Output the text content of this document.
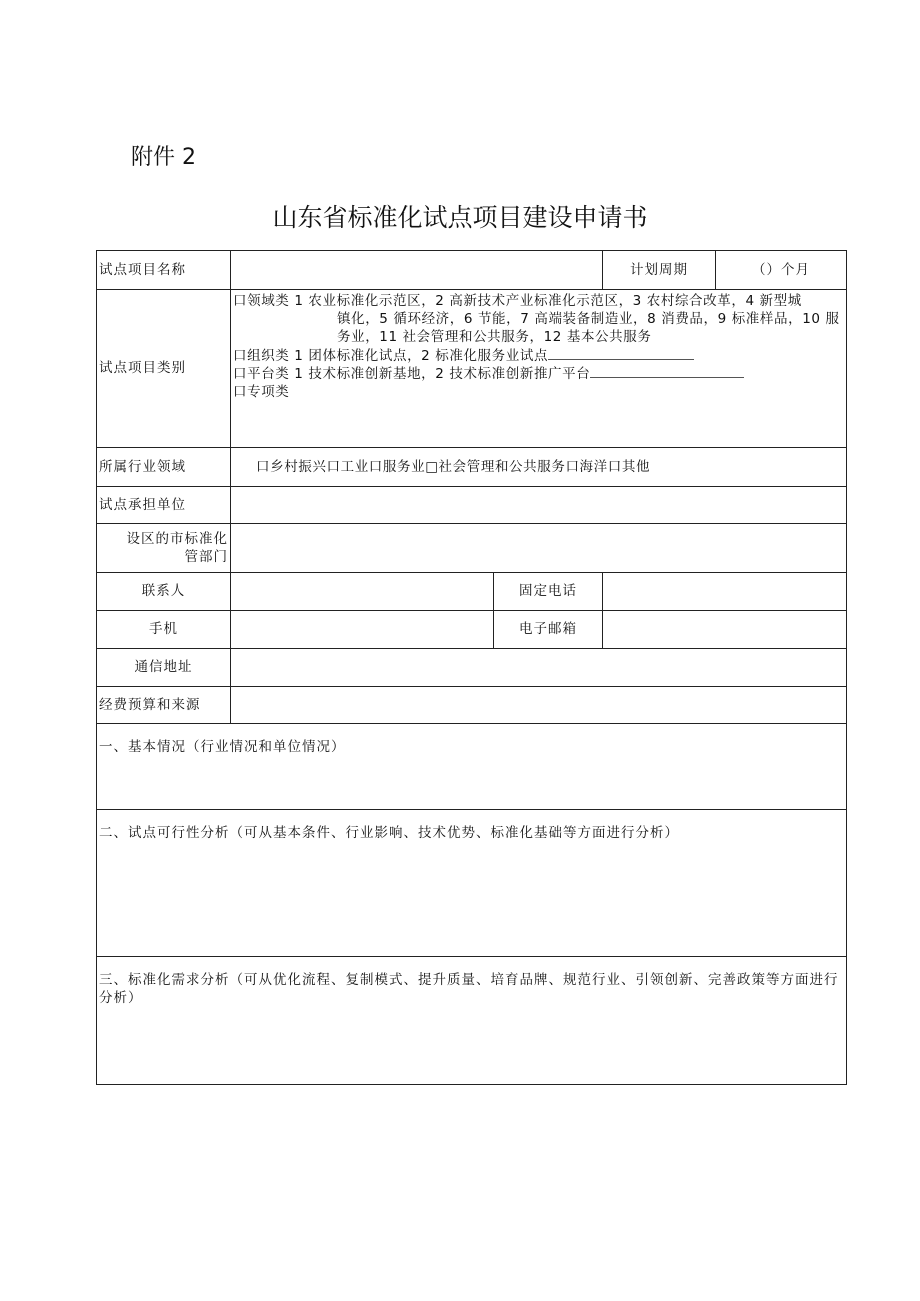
附件 2
山东省标准化试点项目建设申请书
试点项目名称			计划周期	（）个月
试点项目类别	口领域类 1 农业标准化示范区，2 高新技术产业标准化示范区，3 农村综合改革，4 新型城
镇化，5 循环经济，6 节能，7 高端装备制造业，8 消费品，9 标准样品，10 服务业，11 社会管理和公共服务，12 基本公共服务
口组织类 1 团体标准化试点，2 标准化服务业试点
口平台类 1 技术标准创新基地，2 技术标准创新推广平台
口专项类			

所属行业领域	口乡村振兴口工业口服务业□社会管理和公共服务口海洋口其他			
试点承担单位				

设区的市标准化
管部门				

联系人		固定电话		
手机		电子邮箱		
通信地址				
经费预算和来源				
一、基本情况（行业情况和单位情况）				
二、试点可行性分析（可从基本条件、行业影响、技术优势、标准化基础等方面进行分析）				
三、标准化需求分析（可从优化流程、复制模式、提升质量、培育品牌、规范行业、引领创新、完善政策等方面进行分析）				
